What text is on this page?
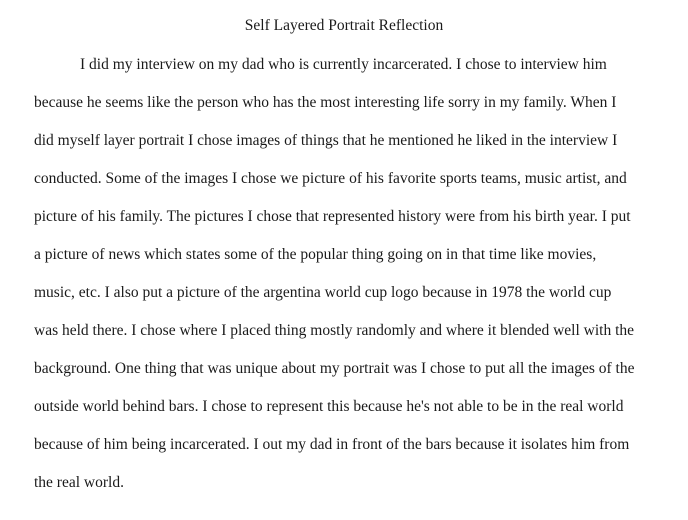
Self Layered Portrait Reflection
I did my interview on my dad who is currently incarcerated. I chose to interview him
because he seems like the person who has the most interesting life sorry in my family. When I
did myself layer portrait I chose images of things that he mentioned he liked in the interview I
conducted. Some of the images I chose we picture of his favorite sports teams, music artist, and
picture of his family. The pictures I chose that represented history were from his birth year. I put
a picture of news which states some of the popular thing going on in that time like movies,
music, etc. I also put a picture of the argentina world cup logo because in 1978 the world cup
was held there. I chose where I placed thing mostly randomly and where it blended well with the
background. One thing that was unique about my portrait was I chose to put all the images of the
outside world behind bars. I chose to represent this because he's not able to be in the real world
because of him being incarcerated. I out my dad in front of the bars because it isolates him from
the real world.
